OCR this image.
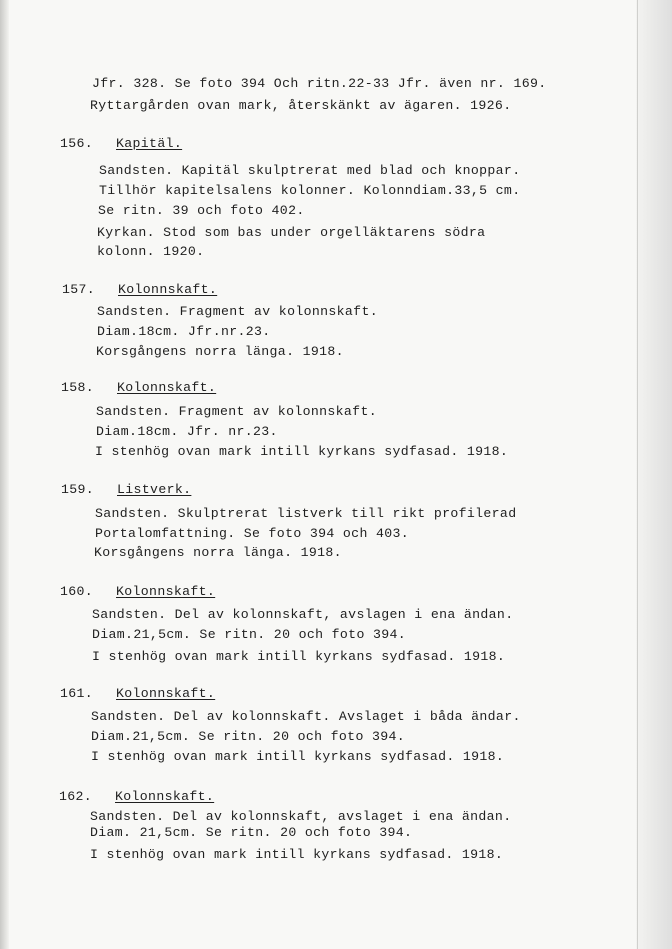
Jfr. 328. Se foto 394 Och ritn.22-33 Jfr. även nr. 169.
Ryttargården ovan mark, återskänkt av ägaren. 1926.
156. Kapitäl.
Sandsten. Kapitäl skulptrerat med blad och knoppar.
Tillhör kapitelsalens kolonner. Kolonndiam.33,5 cm.
Se ritn. 39 och foto 402.
Kyrkan. Stod som bas under orgelläktarens södra
kolonn. 1920.
157. Kolonnskaft.
Sandsten. Fragment av kolonnskaft.
Diam.18cm. Jfr.nr.23.
Korsgångens norra länga. 1918.
158. Kolonnskaft.
Sandsten. Fragment av kolonnskaft.
Diam.18cm. Jfr. nr.23.
I stenhög ovan mark intill kyrkans sydfasad. 1918.
159. Listverk.
Sandsten. Skulptrerat listverk till rikt profilerad
Portalomfattning. Se foto 394 och 403.
Korsgångens norra länga. 1918.
160. Kolonnskaft.
Sandsten. Del av kolonnskaft, avslagen i ena ändan.
Diam.21,5cm. Se ritn. 20 och foto 394.
I stenhög ovan mark intill kyrkans sydfasad. 1918.
161. Kolonnskaft.
Sandsten. Del av kolonnskaft. Avslaget i båda ändar.
Diam.21,5cm. Se ritn. 20 och foto 394.
I stenhög ovan mark intill kyrkans sydfasad. 1918.
162. Kolonnskaft.
Sandsten. Del av kolonnskaft, avslaget i ena ändan.
Diam. 21,5cm. Se ritn. 20 och foto 394.
I stenhög ovan mark intill kyrkans sydfasad. 1918.
